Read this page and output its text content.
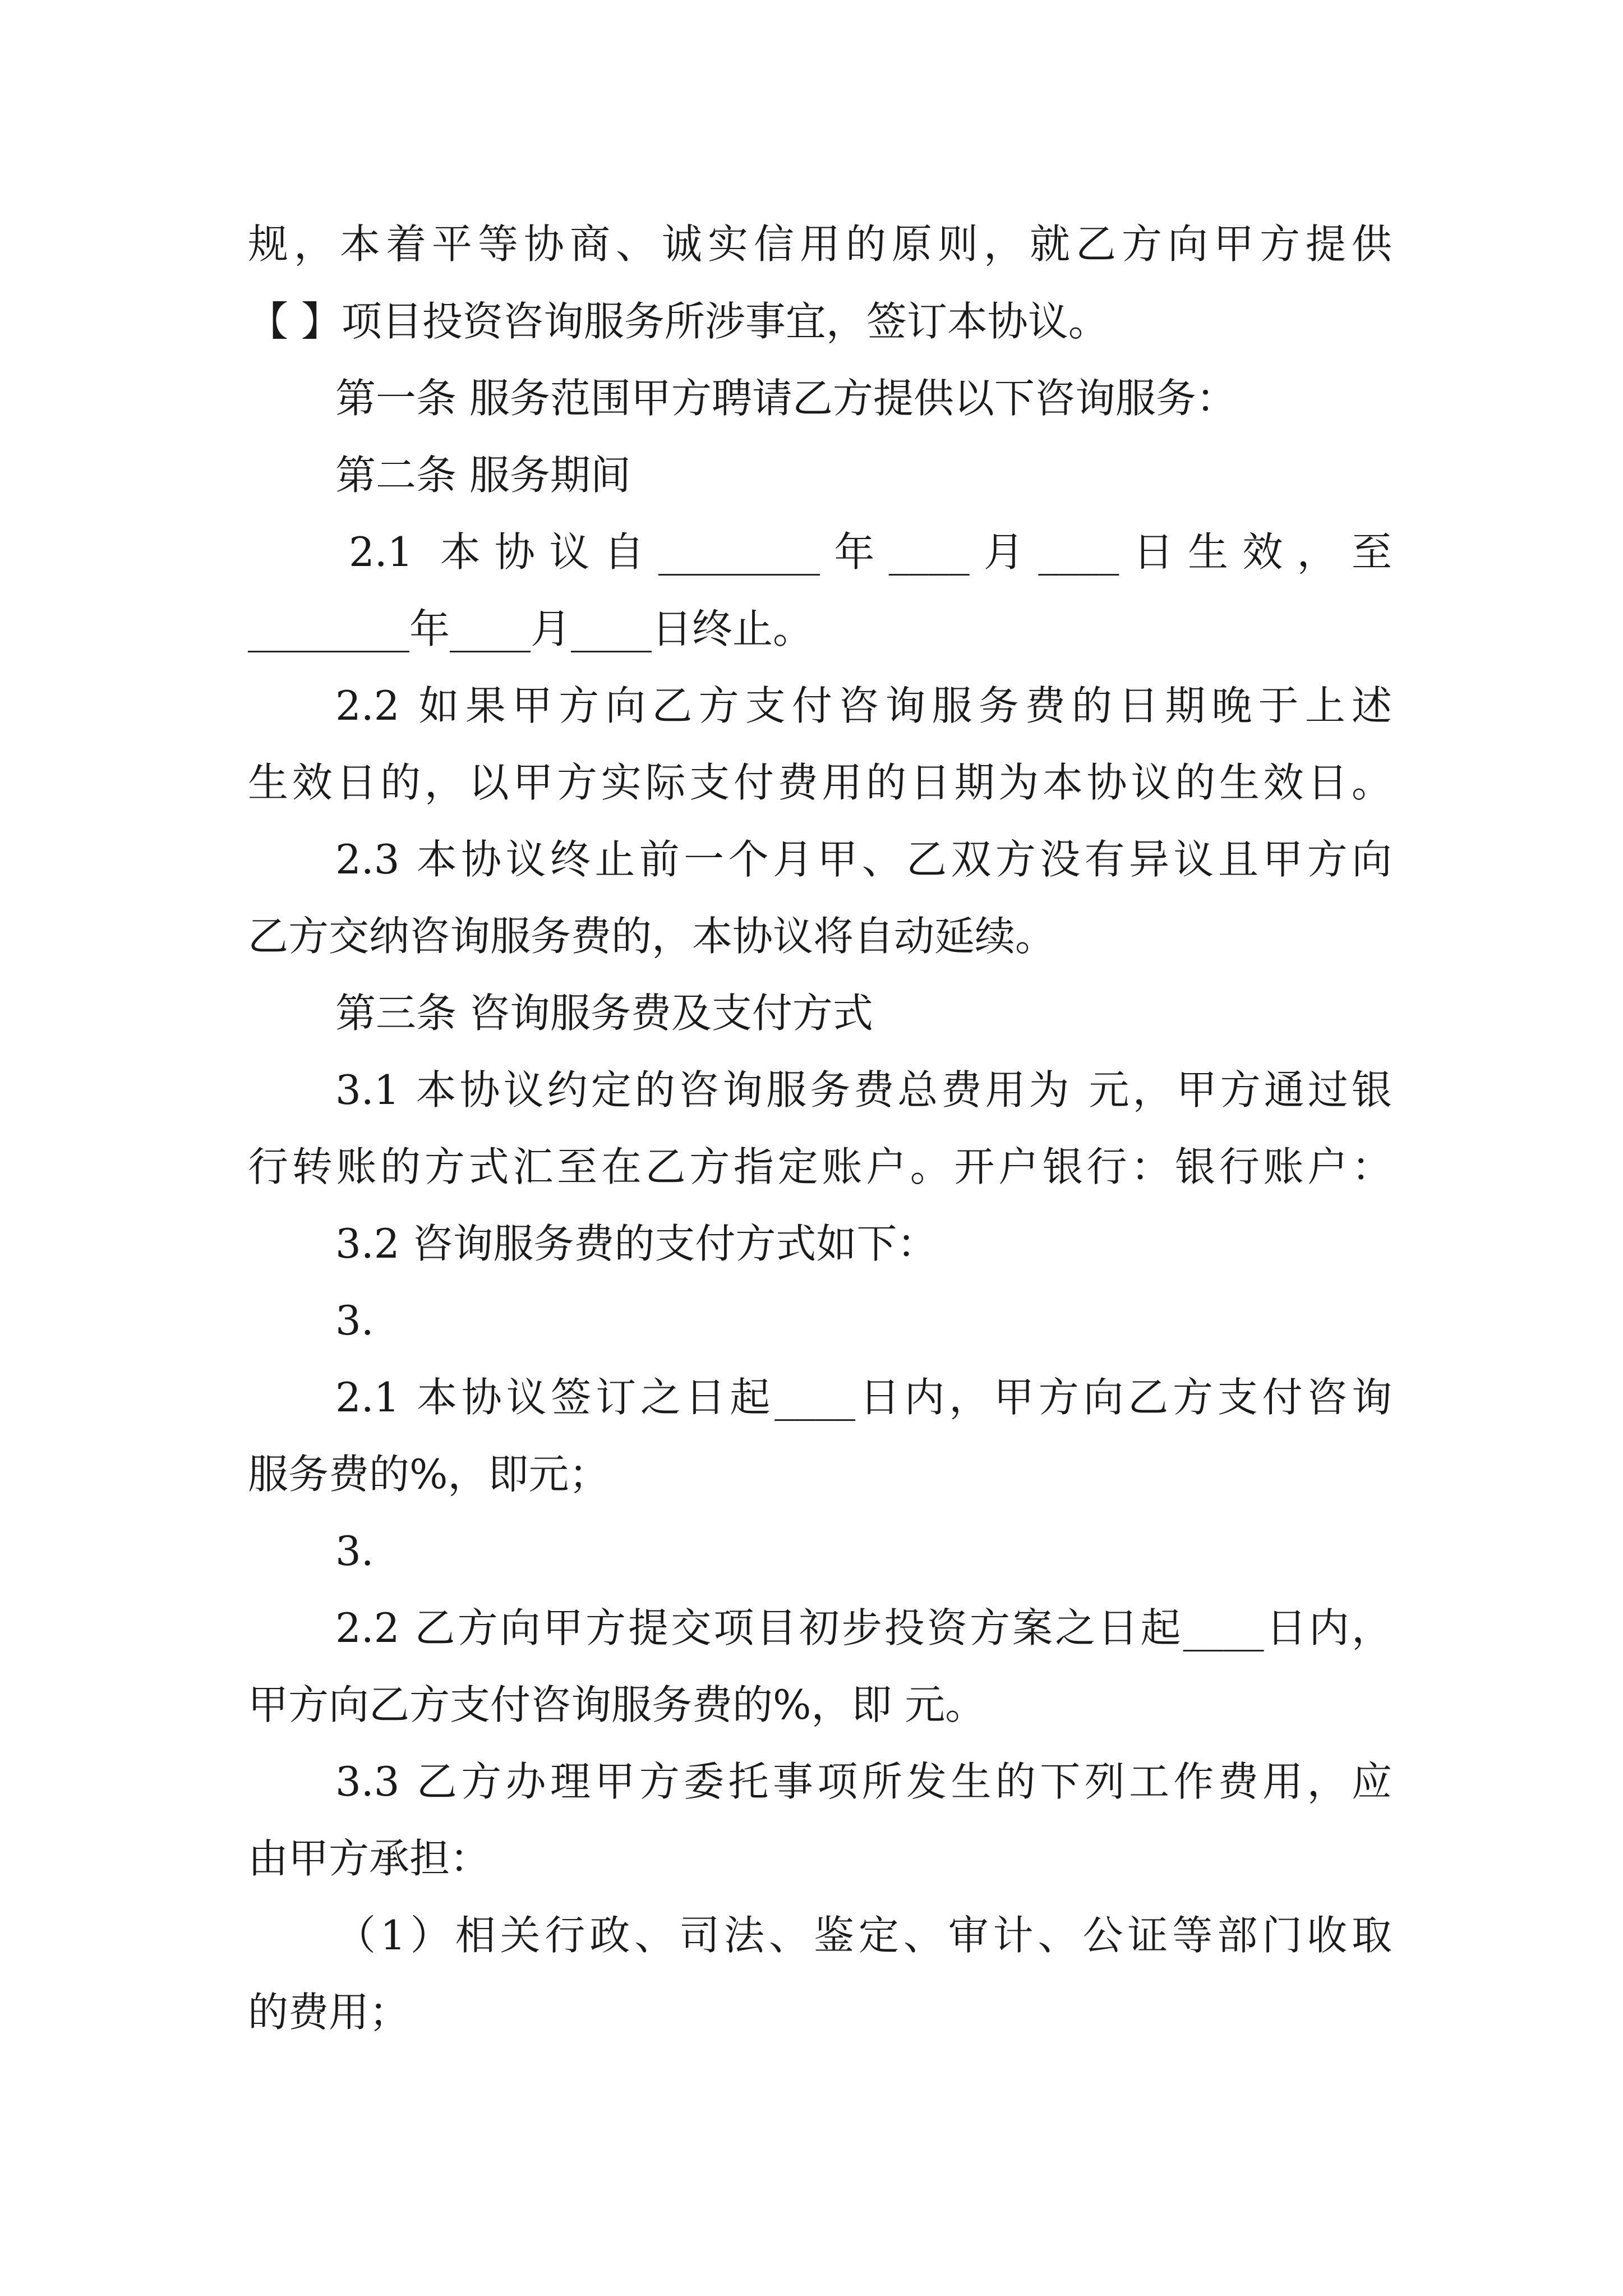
规，本着平等协商、诚实信用的原则，就乙方向甲方提供
【 】项目投资咨询服务所涉事宜，签订本协议。
第一条 服务范围甲方聘请乙方提供以下咨询服务：
第二条 服务期间
2.1 本协议自________年____月____日生效，至
________年____月____日终止。
2.2 如果甲方向乙方支付咨询服务费的日期晚于上述
生效日的，以甲方实际支付费用的日期为本协议的生效日。
2.3 本协议终止前一个月甲、乙双方没有异议且甲方向
乙方交纳咨询服务费的，本协议将自动延续。
第三条 咨询服务费及支付方式
3.1 本协议约定的咨询服务费总费用为 元，甲方通过银
行转账的方式汇至在乙方指定账户。开户银行：银行账户：
3.2 咨询服务费的支付方式如下：
3.
2.1 本协议签订之日起____日内，甲方向乙方支付咨询
服务费的%，即元；
3.
2.2 乙方向甲方提交项目初步投资方案之日起____日内，
甲方向乙方支付咨询服务费的%，即 元。
3.3 乙方办理甲方委托事项所发生的下列工作费用，应
由甲方承担：
（1）相关行政、司法、鉴定、审计、公证等部门收取
的费用；
